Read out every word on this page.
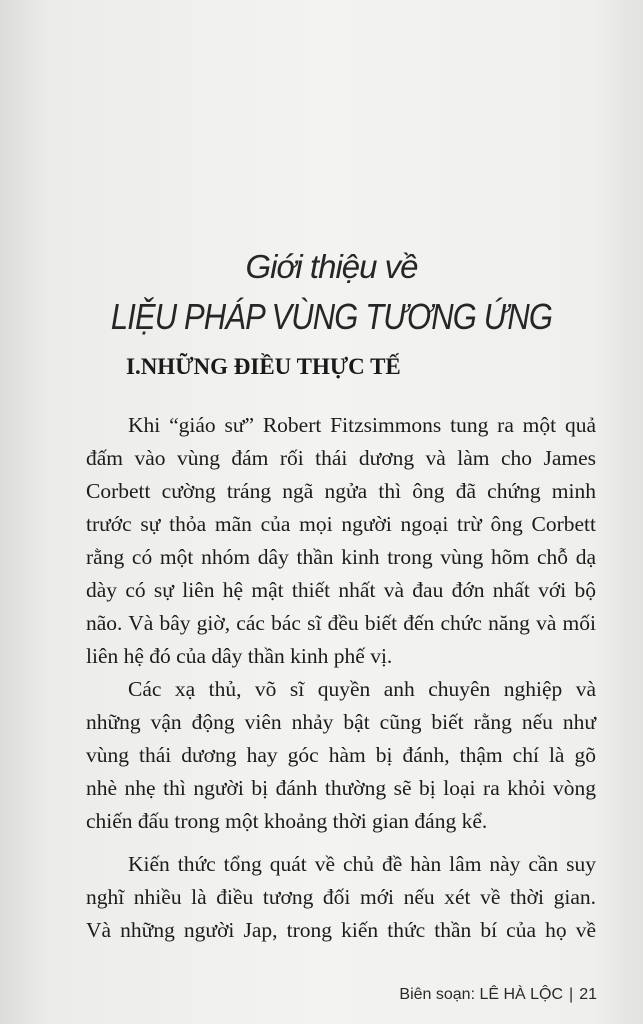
Giới thiệu về
LIỆU PHÁP VÙNG TƯƠNG ỨNG
I.NHỮNG ĐIỀU THỰC TẾ
Khi “giáo sư” Robert Fitzsimmons tung ra một quả
đấm vào vùng đám rối thái dương và làm cho James
Corbett cường tráng ngã ngửa thì ông đã chứng minh
trước sự thỏa mãn của mọi người ngoại trừ ông Corbett
rằng có một nhóm dây thần kinh trong vùng hõm chỗ dạ
dày có sự liên hệ mật thiết nhất và đau đớn nhất với bộ
não. Và bây giờ, các bác sĩ đều biết đến chức năng và mối
liên hệ đó của dây thần kinh phế vị.
Các xạ thủ, võ sĩ quyền anh chuyên nghiệp và
những vận động viên nhảy bật cũng biết rằng nếu như
vùng thái dương hay góc hàm bị đánh, thậm chí là gõ
nhè nhẹ thì người bị đánh thường sẽ bị loại ra khỏi vòng
chiến đấu trong một khoảng thời gian đáng kể.
Kiến thức tổng quát về chủ đề hàn lâm này cần suy
nghĩ nhiều là điều tương đối mới nếu xét về thời gian.
Và những người Jap, trong kiến thức thần bí của họ về
Biên soạn: LÊ HÀ LỘC | 21
